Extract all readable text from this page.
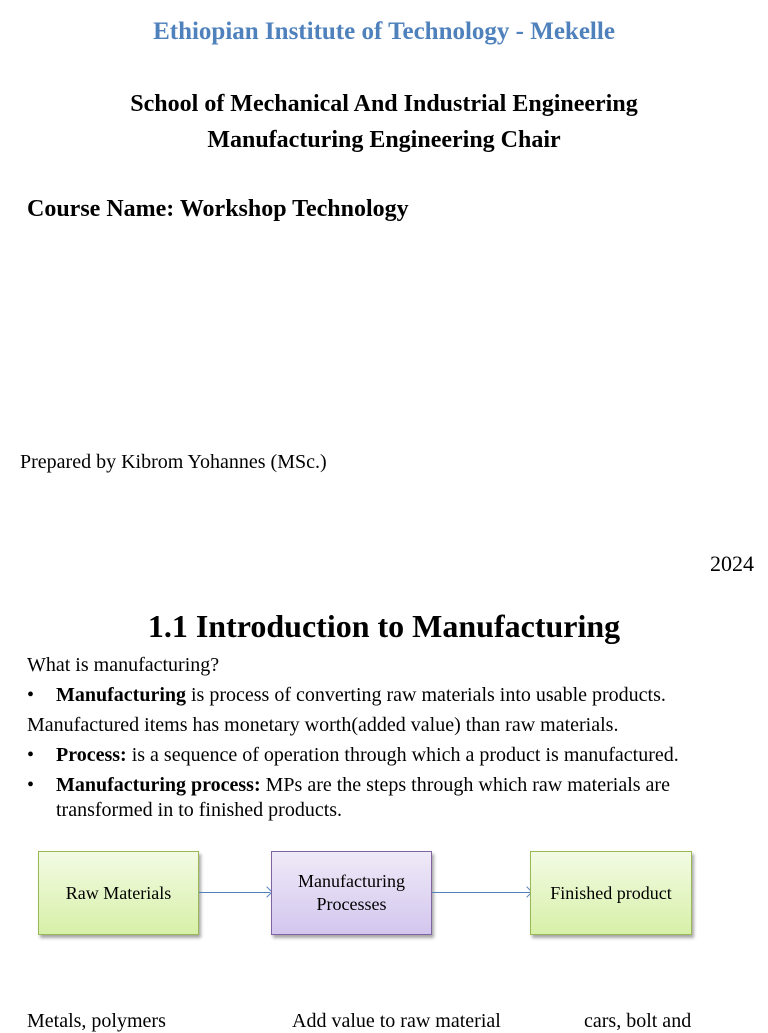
Ethiopian Institute of Technology - Mekelle
School of Mechanical And Industrial Engineering
Manufacturing Engineering Chair
Course Name: Workshop Technology
Prepared by Kibrom Yohannes (MSc.)
2024
1.1 Introduction to Manufacturing
What is manufacturing?
• Manufacturing is process of converting raw materials into usable products.
Manufactured items has monetary worth(added value) than raw materials.
• Process: is a sequence of operation through which a product is manufactured.
• Manufacturing process: MPs are the steps through which raw materials are transformed in to finished products.
Raw Materials
Manufacturing
Processes
Finished product
Metals, polymers	Add value to raw material	cars, bolt and
